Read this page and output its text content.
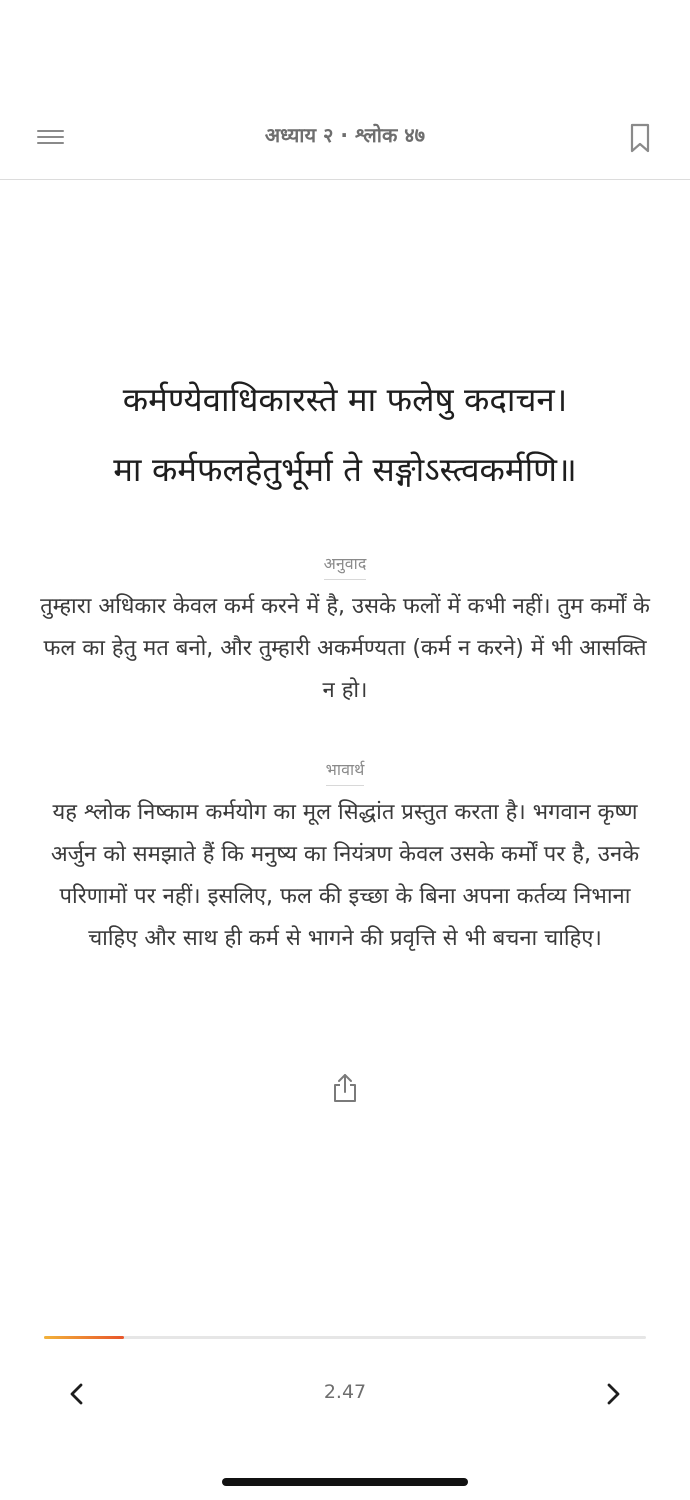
अध्याय २ · श्लोक ४७
कर्मण्येवाधिकारस्ते मा फलेषु कदाचन।
मा कर्मफलहेतुर्भूर्मा ते सङ्गोऽस्त्वकर्मणि॥
अनुवाद
तुम्हारा अधिकार केवल कर्म करने में है, उसके फलों में कभी नहीं। तुम कर्मों के फल का हेतु मत बनो, और तुम्हारी अकर्मण्यता (कर्म न करने) में भी आसक्ति न हो।
भावार्थ
यह श्लोक निष्काम कर्मयोग का मूल सिद्धांत प्रस्तुत करता है। भगवान कृष्ण अर्जुन को समझाते हैं कि मनुष्य का नियंत्रण केवल उसके कर्मों पर है, उनके परिणामों पर नहीं। इसलिए, फल की इच्छा के बिना अपना कर्तव्य निभाना चाहिए और साथ ही कर्म से भागने की प्रवृत्ति से भी बचना चाहिए।
2.47
